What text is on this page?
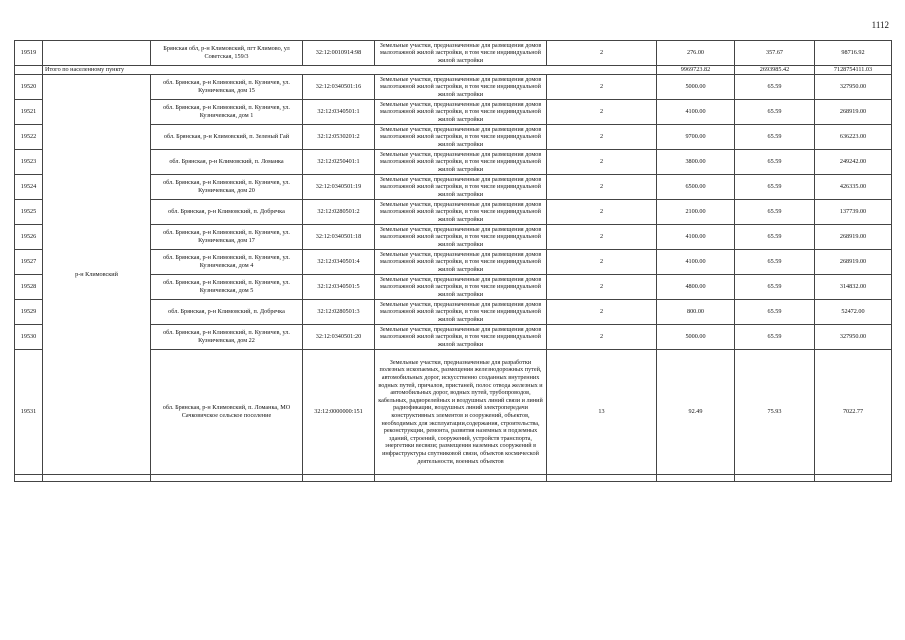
1112
19519		Брянская обл, р-н Климовский, пгт Климово, ул Советская, 159/3	32:12:0010914:98	Земельные участки, предназначенные для размещения домов малоэтажной жилой застройки, в том числе индивидуальной жилой застройки	2	276.00	357.67	98716.92
	Итого по населенному пункту					9969723.82	2693985.42	7128754111.03
19520	р-н Климовский	обл. Брянская, р-н Климовский, п. Кузничев, ул. Кузничевская, дом 15	32:12:0340501:16	Земельные участки, предназначенные для размещения домов малоэтажной жилой застройки, в том числе индивидуальной жилой застройки	2	5000.00	65.59	327950.00
19521		обл. Брянская, р-н Климовский, п. Кузничев, ул. Кузничевская, дом 1	32:12:0340501:1	Земельные участки, предназначенные для размещения домов малоэтажной жилой застройки, в том числе индивидуальной жилой застройки	2	4100.00	65.59	268919.00
19522		обл. Брянская, р-н Климовский, п. Зеленый Гай	32:12:0530201:2	Земельные участки, предназначенные для размещения домов малоэтажной жилой застройки, в том числе индивидуальной жилой застройки	2	9700.00	65.59	636223.00
19523		обл. Брянская, р-н Климовский, п. Ломанка	32:12:0250401:1	Земельные участки, предназначенные для размещения домов малоэтажной жилой застройки, в том числе индивидуальной жилой застройки	2	3800.00	65.59	249242.00
19524		обл. Брянская, р-н Климовский, п. Кузничев, ул. Кузничевская, дом 20	32:12:0340501:19	Земельные участки, предназначенные для размещения домов малоэтажной жилой застройки, в том числе индивидуальной жилой застройки	2	6500.00	65.59	426335.00
19525		обл. Брянская, р-н Климовский, п. Добречка	32:12:0280501:2	Земельные участки, предназначенные для размещения домов малоэтажной жилой застройки, в том числе индивидуальной жилой застройки	2	2100.00	65.59	137739.00
19526		обл. Брянская, р-н Климовский, п. Кузничев, ул. Кузничевская, дом 17	32:12:0340501:18	Земельные участки, предназначенные для размещения домов малоэтажной жилой застройки, в том числе индивидуальной жилой застройки	2	4100.00	65.59	268919.00
19527		обл. Брянская, р-н Климовский, п. Кузничев, ул. Кузничевская, дом 4	32:12:0340501:4	Земельные участки, предназначенные для размещения домов малоэтажной жилой застройки, в том числе индивидуальной жилой застройки	2	4100.00	65.59	268919.00
19528		обл. Брянская, р-н Климовский, п. Кузничев, ул. Кузничевская, дом 5	32:12:0340501:5	Земельные участки, предназначенные для размещения домов малоэтажной жилой застройки, в том числе индивидуальной жилой застройки	2	4800.00	65.59	314832.00
19529		обл. Брянская, р-н Климовский, п. Добречка	32:12:0280501:3	Земельные участки, предназначенные для размещения домов малоэтажной жилой застройки, в том числе индивидуальной жилой застройки	2	800.00	65.59	52472.00
19530		обл. Брянская, р-н Климовский, п. Кузничев, ул. Кузничевская, дом 22	32:12:0340501:20	Земельные участки, предназначенные для размещения домов малоэтажной жилой застройки, в том числе индивидуальной жилой застройки	2	5000.00	65.59	327950.00
19531		обл. Брянская, р-н Климовский, п. Ломанка, МО Сачковичское сельское поселение	32:12:0000000:151	Земельные участки, предназначенные для разработки полезных ископаемых, размещения железнодорожных путей, автомобильных дорог, искусственно созданных внутренних водных путей, причалов, пристаней, полос отвода железных и автомобильных дорог, водных путей, трубопроводов, кабельных, радиорелейных и воздушных линий связи и линий радиофикации, воздушных линий электропередачи конструктивных элементов и сооружений, объектов, необходимых для эксплуатации,содержания, строительства, реконструкции, ремонта, развития наземных и подземных зданий, строений, сооружений, устройств транспорта, энергетики весвязи; размещения наземных сооружений в инфраструктуры спутниковой связи, объектов космической деятельности, военных объектов	13	92.49	75.93	7022.77
